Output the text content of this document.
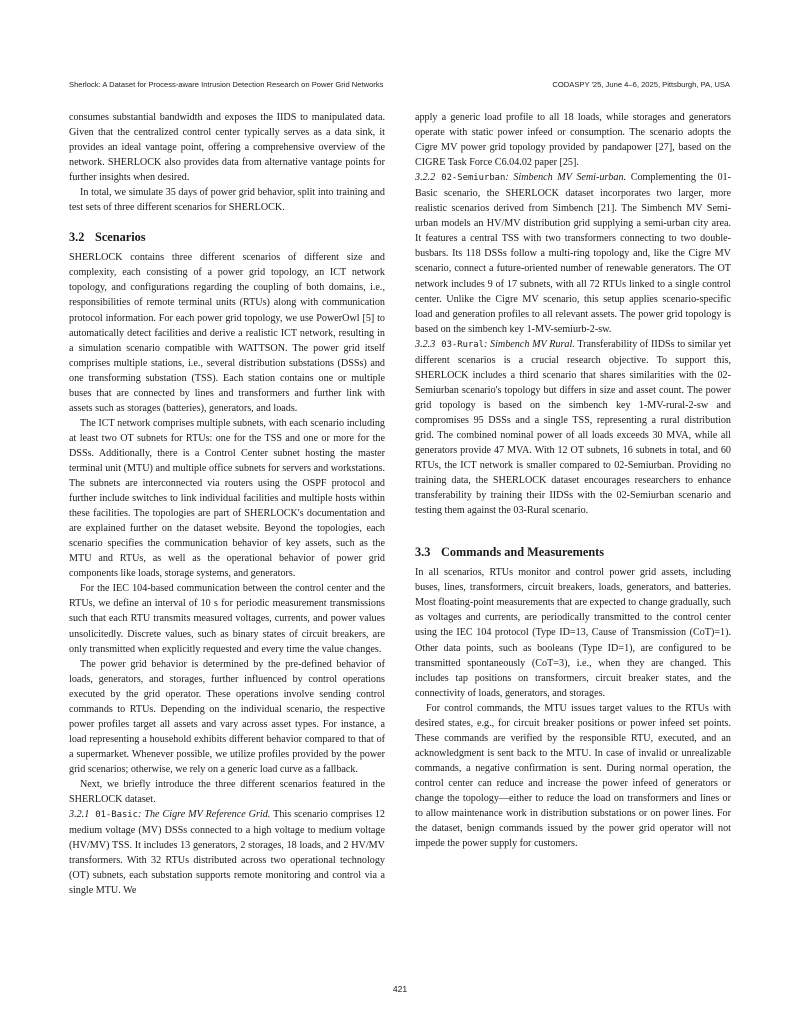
Sherlock: A Dataset for Process-aware Intrusion Detection Research on Power Grid Networks	CODASPY '25, June 4–6, 2025, Pittsburgh, PA, USA

consumes substantial bandwidth and exposes the IIDS to manipulated data. Given that the centralized control center typically serves as a data sink, it provides an ideal vantage point, offering a comprehensive overview of the network. SHERLOCK also provides data from alternative vantage points for further insights when desired.

In total, we simulate 35 days of power grid behavior, split into training and test sets of three different scenarios for SHERLOCK.

3.2 Scenarios

SHERLOCK contains three different scenarios of different size and complexity, each consisting of a power grid topology, an ICT network topology, and configurations regarding the coupling of both domains, i.e., responsibilities of remote terminal units (RTUs) along with communication protocol information. For each power grid topology, we use PowerOwl [5] to automatically detect facilities and derive a realistic ICT network, resulting in a simulation scenario compatible with WATTSON. The power grid itself comprises multiple stations, i.e., several distribution substations (DSSs) and one transforming substation (TSS). Each station contains one or multiple buses that are connected by lines and transformers and further link with assets such as storages (batteries), generators, and loads.

The ICT network comprises multiple subnets, with each scenario including at least two OT subnets for RTUs: one for the TSS and one or more for the DSSs. Additionally, there is a Control Center subnet hosting the master terminal unit (MTU) and multiple office subnets for servers and workstations. The subnets are interconnected via routers using the OSPF protocol and further include switches to link individual facilities and multiple hosts within these facilities. The topologies are part of SHERLOCK's documentation and are explained further on the dataset website. Beyond the topologies, each scenario specifies the communication behavior of key assets, such as the MTU and RTUs, as well as the operational behavior of power grid components like loads, storage systems, and generators.

For the IEC 104-based communication between the control center and the RTUs, we define an interval of 10 s for periodic measurement transmissions such that each RTU transmits measured voltages, currents, and power values unsolicitedly. Discrete values, such as binary states of circuit breakers, are only transmitted when explicitly requested and every time the value changes.

The power grid behavior is determined by the pre-defined behavior of loads, generators, and storages, further influenced by control operations executed by the grid operator. These operations involve sending control commands to RTUs. Depending on the individual scenario, the respective power profiles target all assets and vary across asset types. For instance, a load representing a household exhibits different behavior compared to that of a supermarket. Whenever possible, we utilize profiles provided by the power grid scenarios; otherwise, we rely on a generic load curve as a fallback.

Next, we briefly introduce the three different scenarios featured in the SHERLOCK dataset.

3.2.1 01-Basic: The Cigre MV Reference Grid. This scenario comprises 12 medium voltage (MV) DSSs connected to a high voltage to medium voltage (HV/MV) TSS. It includes 13 generators, 2 storages, 18 loads, and 2 HV/MV transformers. With 32 RTUs distributed across two operational technology (OT) subnets, each substation supports remote monitoring and control via a single MTU. We

apply a generic load profile to all 18 loads, while storages and generators operate with static power infeed or consumption. The scenario adopts the Cigre MV power grid topology provided by pandapower [27], based on the CIGRE Task Force C6.04.02 paper [25].

3.2.2 02-Semiurban: Simbench MV Semi-urban. Complementing the 01-Basic scenario, the SHERLOCK dataset incorporates two larger, more realistic scenarios derived from Simbench [21]. The Simbench MV Semi-urban models an HV/MV distribution grid supplying a semi-urban city area. It features a central TSS with two transformers connecting to two double-busbars. Its 118 DSSs follow a multi-ring topology and, like the Cigre MV scenario, connect a future-oriented number of renewable generators. The OT network includes 9 of 17 subnets, with all 72 RTUs linked to a single control center. Unlike the Cigre MV scenario, this setup applies scenario-specific load and generation profiles to all relevant assets. The power grid topology is based on the simbench key 1-MV-semiurb-2-sw.

3.2.3 03-Rural: Simbench MV Rural. Transferability of IIDSs to similar yet different scenarios is a crucial research objective. To support this, SHERLOCK includes a third scenario that shares similarities with the 02-Semiurban scenario's topology but differs in size and asset count. The power grid topology is based on the simbench key 1-MV-rural-2-sw and compromises 95 DSSs and a single TSS, representing a rural distribution grid. The combined nominal power of all loads exceeds 30 MVA, while all generators provide 47 MVA. With 12 OT subnets, 16 subnets in total, and 60 RTUs, the ICT network is smaller compared to 02-Semiurban. Providing no training data, the SHERLOCK dataset encourages researchers to enhance transferability by training their IIDSs with the 02-Semiurban scenario and testing them against the 03-Rural scenario.

3.3 Commands and Measurements

In all scenarios, RTUs monitor and control power grid assets, including buses, lines, transformers, circuit breakers, loads, generators, and batteries. Most floating-point measurements that are expected to change gradually, such as voltages and currents, are periodically transmitted to the control center using the IEC 104 protocol (Type ID=13, Cause of Transmission (CoT)=1). Other data points, such as booleans (Type ID=1), are configured to be transmitted spontaneously (CoT=3), i.e., when they are changed. This includes tap positions on transformers, circuit breaker states, and the connectivity of loads, generators, and storages.

For control commands, the MTU issues target values to the RTUs with desired states, e.g., for circuit breaker positions or power infeed set points. These commands are verified by the responsible RTU, executed, and an acknowledgment is sent back to the MTU. In case of invalid or unrealizable commands, a negative confirmation is sent. During normal operation, the control center can reduce and increase the power infeed of generators or change the topology—either to reduce the load on transformers and lines or to allow maintenance work in distribution substations or on power lines. For the dataset, benign commands issued by the power grid operator will not impede the power supply for customers.

421
